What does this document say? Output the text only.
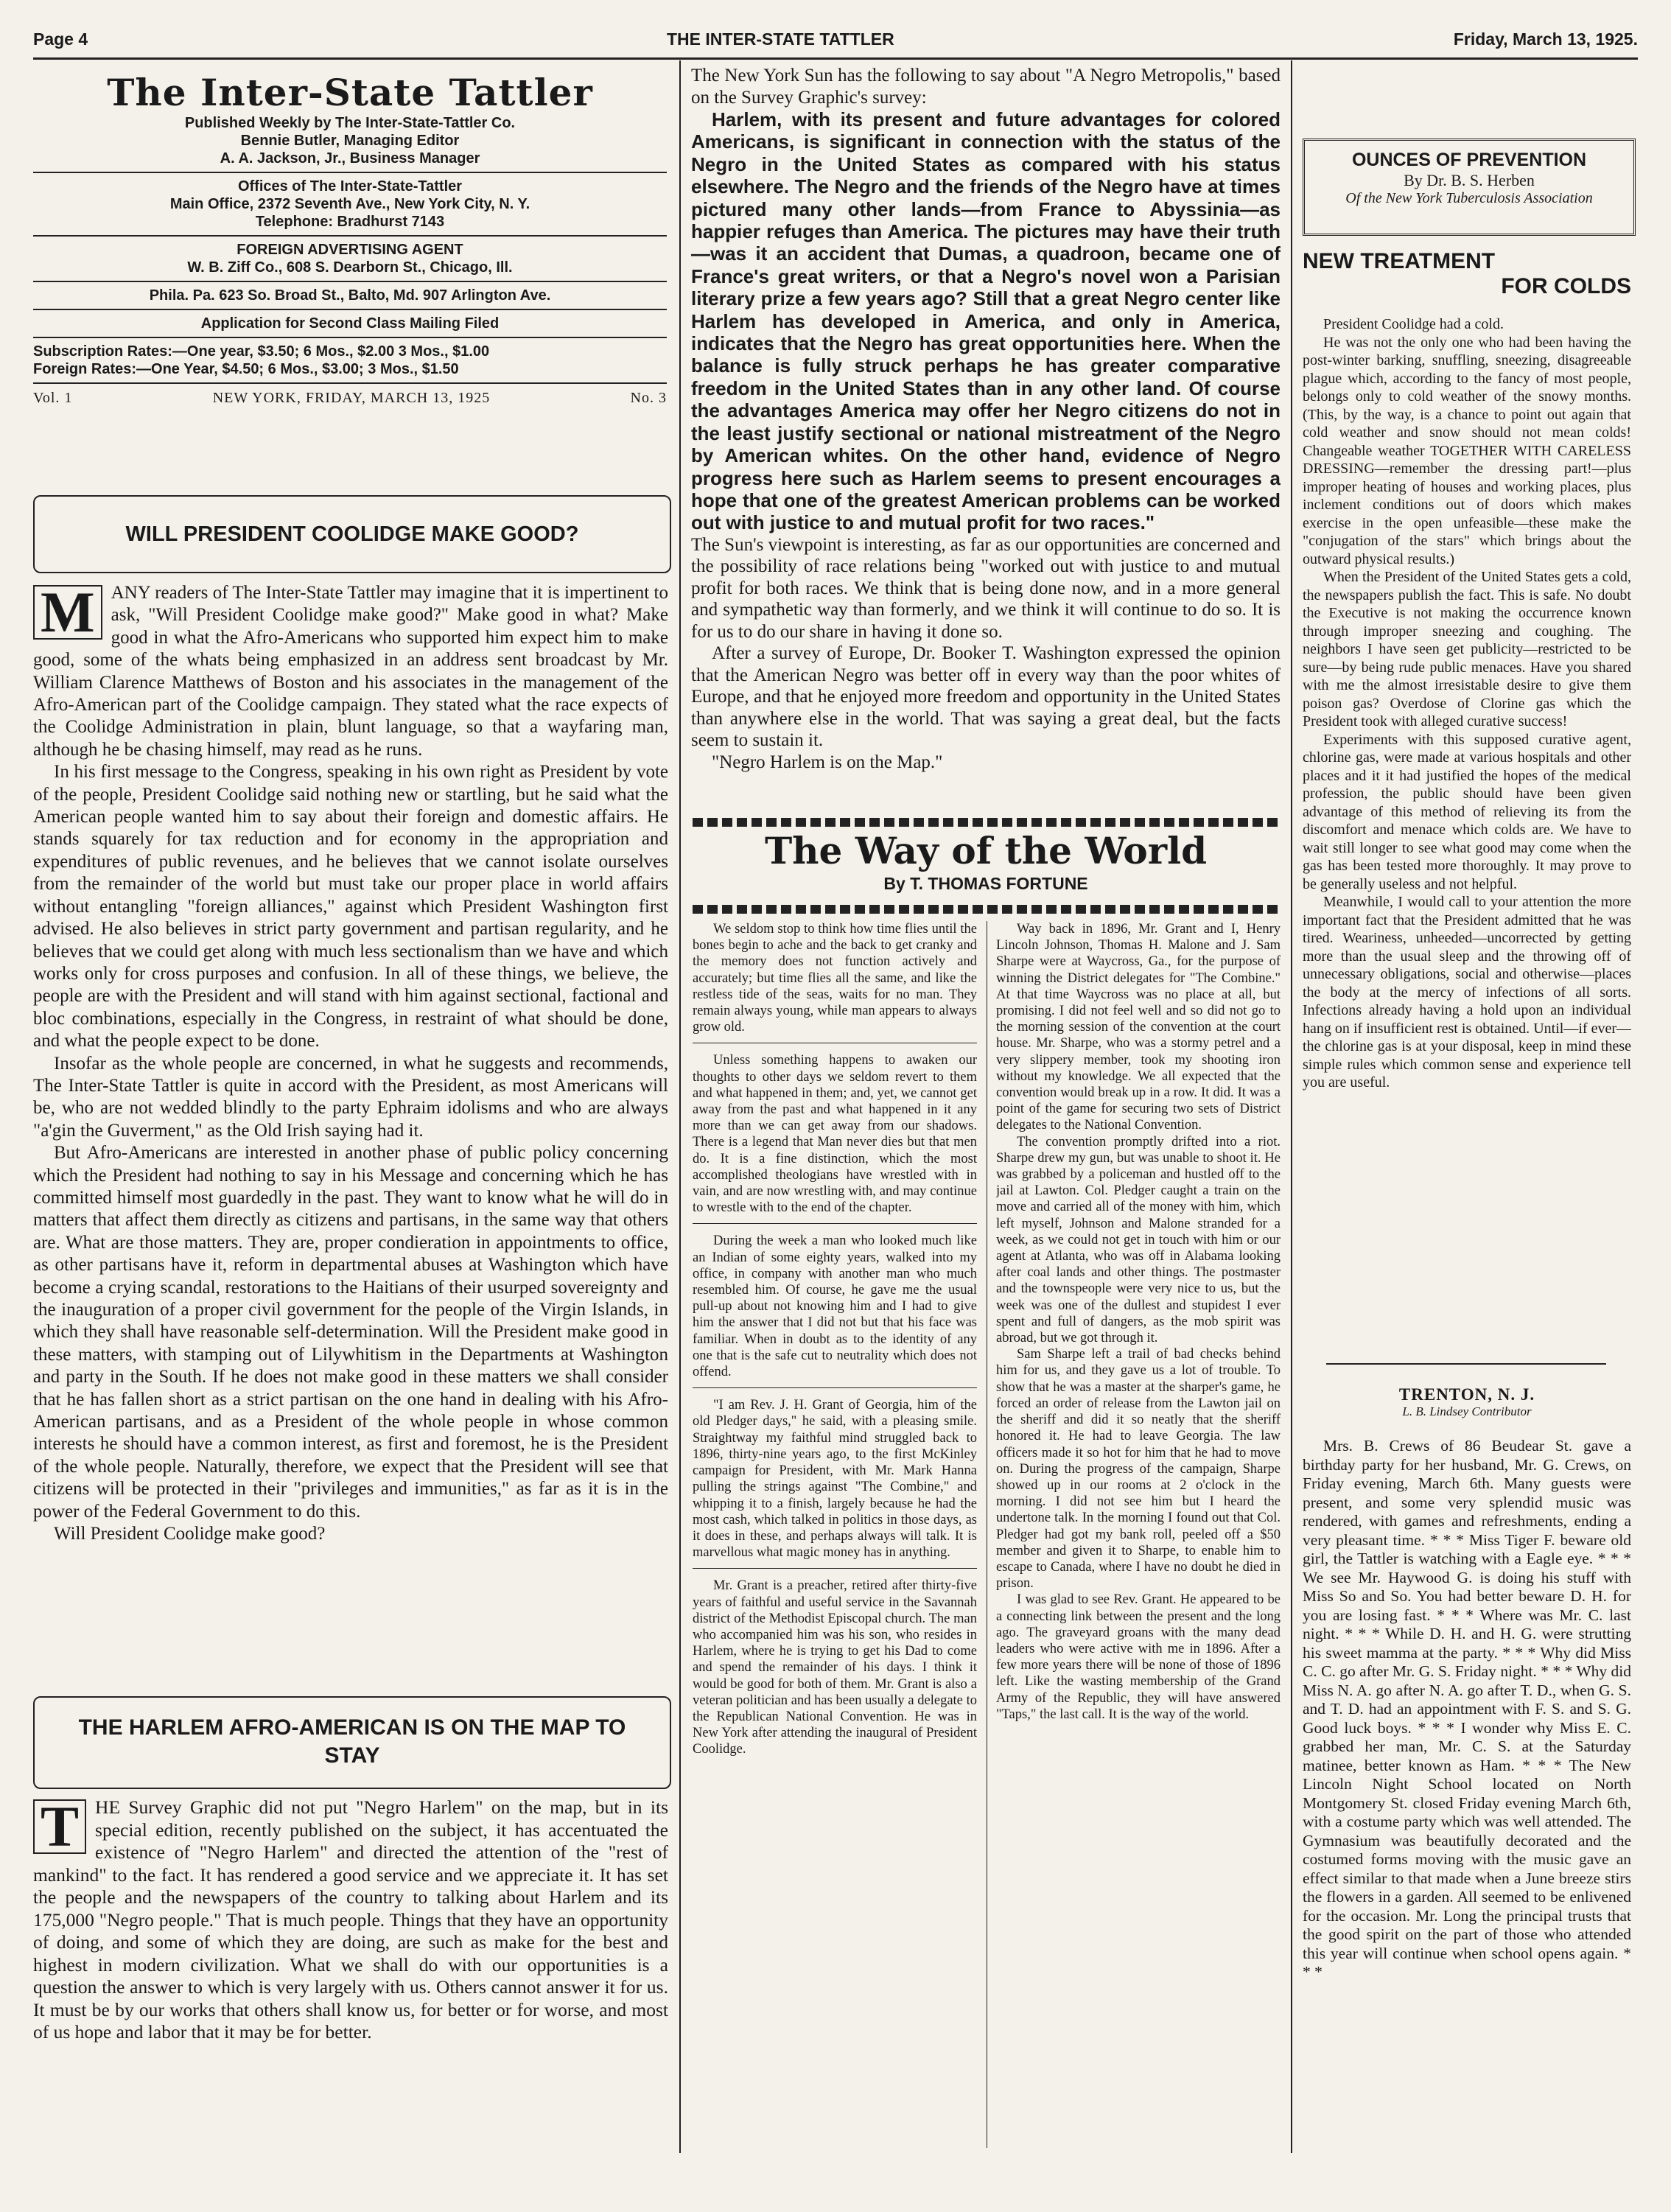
Page 4	THE INTER-STATE TATTLER	Friday, March 13, 1925.
The Inter-State Tattler
Published Weekly by The Inter-State-Tattler Co.
Bennie Butler, Managing Editor
A. A. Jackson, Jr., Business Manager
Offices of The Inter-State-Tattler
Main Office, 2372 Seventh Ave., New York City, N. Y.
Telephone: Bradhurst 7143
FOREIGN ADVERTISING AGENT
W. B. Ziff Co., 608 S. Dearborn St., Chicago, Ill.
Phila. Pa. 623 So. Broad St., Balto, Md. 907 Arlington Ave.
Application for Second Class Mailing Filed
Subscription Rates:—One year, $3.50; 6 Mos., $2.00 3 Mos., $1.00
Foreign Rates:—One Year, $4.50; 6 Mos., $3.00; 3 Mos., $1.50
Vol. 1	NEW YORK, FRIDAY, MARCH 13, 1925	No. 3
WILL PRESIDENT COOLIDGE MAKE GOOD?

M ANY readers of The Inter-State Tattler may imagine that it is impertinent to ask, "Will President Coolidge make good?" Make good in what? Make good in what the Afro-Americans who supported him expect him to make good, some of the whats being emphasized in an address sent broadcast by Mr. William Clarence Matthews of Boston and his associates in the management of the Afro-American part of the Coolidge campaign. They stated what the race expects of the Coolidge Administration in plain, blunt language, so that a wayfaring man, although he be chasing himself, may read as he runs.

In his first message to the Congress, speaking in his own right as President by vote of the people, President Coolidge said nothing new or startling, but he said what the American people wanted him to say about their foreign and domestic affairs. He stands squarely for tax reduction and for economy in the appropriation and expenditures of public revenues, and he believes that we cannot isolate ourselves from the remainder of the world but must take our proper place in world affairs without entangling "foreign alliances," against which President Washington first advised. He also believes in strict party government and partisan regularity, and he believes that we could get along with much less sectionalism than we have and which works only for cross purposes and confusion. In all of these things, we believe, the people are with the President and will stand with him against sectional, factional and bloc combinations, especially in the Congress, in restraint of what should be done, and what the people expect to be done.

Insofar as the whole people are concerned, in what he suggests and recommends, The Inter-State Tattler is quite in accord with the President, as most Americans will be, who are not wedded blindly to the party Ephraim idolisms and who are always "a'gin the Guverment," as the Old Irish saying had it.

But Afro-Americans are interested in another phase of public policy concerning which the President had nothing to say in his Message and concerning which he has committed himself most guardedly in the past. They want to know what he will do in matters that affect them directly as citizens and partisans, in the same way that others are. What are those matters. They are, proper condieration in appointments to office, as other partisans have it, reform in departmental abuses at Washington which have become a crying scandal, restorations to the Haitians of their usurped sovereignty and the inauguration of a proper civil government for the people of the Virgin Islands, in which they shall have reasonable self-determination. Will the President make good in these matters, with stamping out of Lilywhitism in the Departments at Washington and party in the South. If he does not make good in these matters we shall consider that he has fallen short as a strict partisan on the one hand in dealing with his Afro-American partisans, and as a President of the whole people in whose common interests he should have a common interest, as first and foremost, he is the President of the whole people. Naturally, therefore, we expect that the President will see that citizens will be protected in their "privileges and immunities," as far as it is in the power of the Federal Government to do this.

Will President Coolidge make good?

THE HARLEM AFRO-AMERICAN IS ON THE MAP TO STAY

T HE Survey Graphic did not put "Negro Harlem" on the map, but in its special edition, recently published on the subject, it has accentuated the existence of "Negro Harlem" and directed the attention of the "rest of mankind" to the fact. It has rendered a good service and we appreciate it. It has set the people and the newspapers of the country to talking about Harlem and its 175,000 "Negro people." That is much people. Things that they have an opportunity of doing, and some of which they are doing, are such as make for the best and highest in modern civilization. What we shall do with our opportunities is a question the answer to which is very largely with us. Others cannot answer it for us. It must be by our works that others shall know us, for better or for worse, and most of us hope and labor that it may be for better.

The New York Sun has the following to say about "A Negro Metropolis," based on the Survey Graphic's survey:

Harlem, with its present and future advantages for colored Americans, is significant in connection with the status of the Negro in the United States as compared with his status elsewhere. The Negro and the friends of the Negro have at times pictured many other lands—from France to Abyssinia—as happier refuges than America. The pictures may have their truth—was it an accident that Dumas, a quadroon, became one of France's great writers, or that a Negro's novel won a Parisian literary prize a few years ago? Still that a great Negro center like Harlem has developed in America, and only in America, indicates that the Negro has great opportunities here. When the balance is fully struck perhaps he has greater comparative freedom in the United States than in any other land. Of course the advantages America may offer her Negro citizens do not in the least justify sectional or national mistreatment of the Negro by American whites. On the other hand, evidence of Negro progress here such as Harlem seems to present encourages a hope that one of the greatest American problems can be worked out with justice to and mutual profit for two races."

The Sun's viewpoint is interesting, as far as our opportunities are concerned and the possibility of race relations being "worked out with justice to and mutual profit for both races. We think that is being done now, and in a more general and sympathetic way than formerly, and we think it will continue to do so. It is for us to do our share in having it done so.

After a survey of Europe, Dr. Booker T. Washington expressed the opinion that the American Negro was better off in every way than the poor whites of Europe, and that he enjoyed more freedom and opportunity in the United States than anywhere else in the world. That was saying a great deal, but the facts seem to sustain it.

"Negro Harlem is on the Map."

The Way of the World
By T. THOMAS FORTUNE

We seldom stop to think how time flies until the bones begin to ache and the back to get cranky and the memory does not function actively and accurately; but time flies all the same, and like the restless tide of the seas, waits for no man. They remain always young, while man appears to always grow old.

Unless something happens to awaken our thoughts to other days we seldom revert to them and what happened in them; and, yet, we cannot get away from the past and what happened in it any more than we can get away from our shadows. There is a legend that Man never dies but that men do. It is a fine distinction, which the most accomplished theologians have wrestled with in vain, and are now wrestling with, and may continue to wrestle with to the end of the chapter.

During the week a man who looked much like an Indian of some eighty years, walked into my office, in company with another man who much resembled him. Of course, he gave me the usual pull-up about not knowing him and I had to give him the answer that I did not but that his face was familiar. When in doubt as to the identity of any one that is the safe cut to neutrality which does not offend.

"I am Rev. J. H. Grant of Georgia, him of the old Pledger days," he said, with a pleasing smile. Straightway my faithful mind struggled back to 1896, thirty-nine years ago, to the first McKinley campaign for President, with Mr. Mark Hanna pulling the strings against "The Combine," and whipping it to a finish, largely because he had the most cash, which talked in politics in those days, as it does in these, and perhaps always will talk. It is marvellous what magic money has in anything.

Mr. Grant is a preacher, retired after thirty-five years of faithful and useful service in the Savannah district of the Methodist Episcopal church. The man who accompanied him was his son, who resides in Harlem, where he is trying to get his Dad to come and spend the remainder of his days. I think it would be good for both of them. Mr. Grant is also a veteran politician and has been usually a delegate to the Republican National Convention. He was in New York after attending the inaugural of President Coolidge.

Way back in 1896, Mr. Grant and I, Henry Lincoln Johnson, Thomas H. Malone and J. Sam Sharpe were at Waycross, Ga., for the purpose of winning the District delegates for "The Combine." At that time Waycross was no place at all, but promising. I did not feel well and so did not go to the morning session of the convention at the court house. Mr. Sharpe, who was a stormy petrel and a very slippery member, took my shooting iron without my knowledge. We all expected that the convention would break up in a row. It did. It was a point of the game for securing two sets of District delegates to the National Convention.

The convention promptly drifted into a riot. Sharpe drew my gun, but was unable to shoot it. He was grabbed by a policeman and hustled off to the jail at Lawton. Col. Pledger caught a train on the move and carried all of the money with him, which left myself, Johnson and Malone stranded for a week, as we could not get in touch with him or our agent at Atlanta, who was off in Alabama looking after coal lands and other things. The postmaster and the townspeople were very nice to us, but the week was one of the dullest and stupidest I ever spent and full of dangers, as the mob spirit was abroad, but we got through it.

Sam Sharpe left a trail of bad checks behind him for us, and they gave us a lot of trouble. To show that he was a master at the sharper's game, he forced an order of release from the Lawton jail on the sheriff and did it so neatly that the sheriff honored it. He had to leave Georgia. The law officers made it so hot for him that he had to move on. During the progress of the campaign, Sharpe showed up in our rooms at 2 o'clock in the morning. I did not see him but I heard the undertone talk. In the morning I found out that Col. Pledger had got my bank roll, peeled off a $50 member and given it to Sharpe, to enable him to escape to Canada, where I have no doubt he died in prison.

I was glad to see Rev. Grant. He appeared to be a connecting link between the present and the long ago. The graveyard groans with the many dead leaders who were active with me in 1896. After a few more years there will be none of those of 1896 left. Like the wasting membership of the Grand Army of the Republic, they will have answered "Taps," the last call. It is the way of the world.

OUNCES OF PREVENTION
By Dr. B. S. Herben
Of the New York Tuberculosis Association
NEW TREATMENT
FOR COLDS

President Coolidge had a cold.

He was not the only one who had been having the post-winter barking, snuffling, sneezing, disagreeable plague which, according to the fancy of most people, belongs only to cold weather of the snowy months. (This, by the way, is a chance to point out again that cold weather and snow should not mean colds! Changeable weather TOGETHER WITH CARELESS DRESSING—remember the dressing part!—plus improper heating of houses and working places, plus inclement conditions out of doors which makes exercise in the open unfeasible—these make the "conjugation of the stars" which brings about the outward physical results.)

When the President of the United States gets a cold, the newspapers publish the fact. This is safe. No doubt the Executive is not making the occurrence known through improper sneezing and coughing. The neighbors I have seen get publicity—restricted to be sure—by being rude public menaces. Have you shared with me the almost irresistable desire to give them poison gas? Overdose of Clorine gas which the President took with alleged curative success!

Experiments with this supposed curative agent, chlorine gas, were made at various hospitals and other places and it it had justified the hopes of the medical profession, the public should have been given advantage of this method of relieving its from the discomfort and menace which colds are. We have to wait still longer to see what good may come when the gas has been tested more thoroughly. It may prove to be generally useless and not helpful.

Meanwhile, I would call to your attention the more important fact that the President admitted that he was tired. Weariness, unheeded—uncorrected by getting more than the usual sleep and the throwing off of unnecessary obligations, social and otherwise—places the body at the mercy of infections of all sorts. Infections already having a hold upon an individual hang on if insufficient rest is obtained. Until—if ever—the chlorine gas is at your disposal, keep in mind these simple rules which common sense and experience tell you are useful.

TRENTON, N. J.
L. B. Lindsey Contributor

Mrs. B. Crews of 86 Beudear St. gave a birthday party for her husband, Mr. G. Crews, on Friday evening, March 6th. Many guests were present, and some very splendid music was rendered, with games and refreshments, ending a very pleasant time. * * * Miss Tiger F. beware old girl, the Tattler is watching with a Eagle eye. * * * We see Mr. Haywood G. is doing his stuff with Miss So and So. You had better beware D. H. for you are losing fast. * * * Where was Mr. C. last night. * * * While D. H. and H. G. were strutting his sweet mamma at the party. * * * Why did Miss C. C. go after Mr. G. S. Friday night. * * * Why did Miss N. A. go after N. A. go after T. D., when G. S. and T. D. had an appointment with F. S. and S. G. Good luck boys. * * * I wonder why Miss E. C. grabbed her man, Mr. C. S. at the Saturday matinee, better known as Ham. * * * The New Lincoln Night School located on North Montgomery St. closed Friday evening March 6th, with a costume party which was well attended. The Gymnasium was beautifully decorated and the costumed forms moving with the music gave an effect similar to that made when a June breeze stirs the flowers in a garden. All seemed to be enlivened for the occasion. Mr. Long the principal trusts that the good spirit on the part of those who attended this year will continue when school opens again. * * *
